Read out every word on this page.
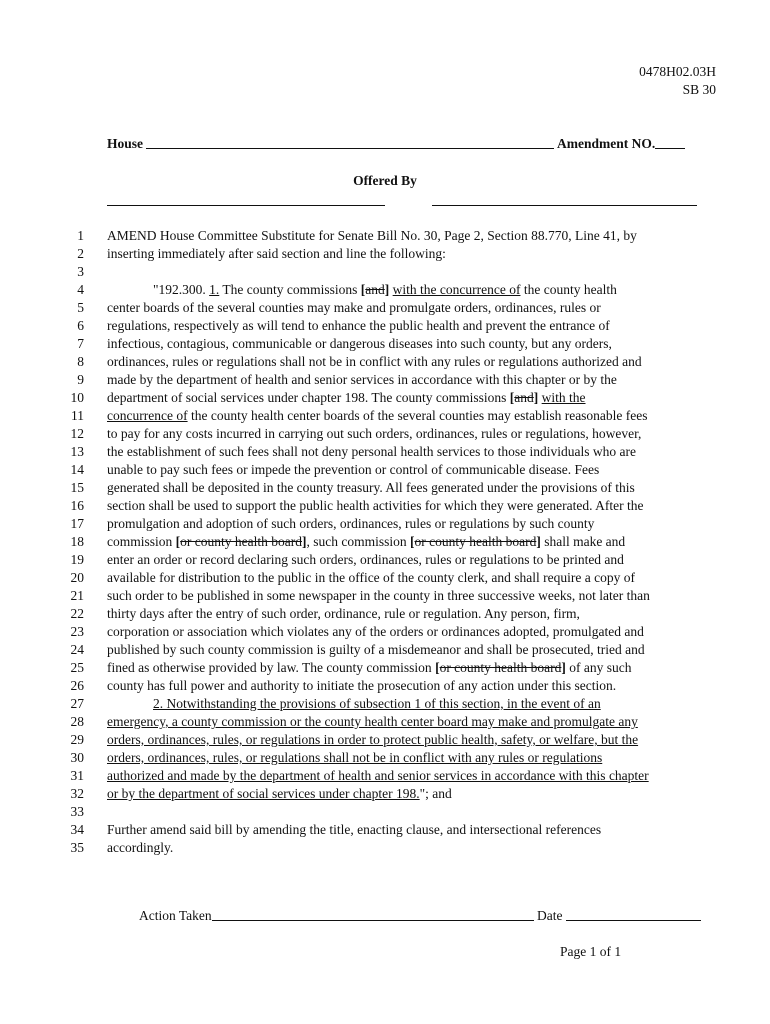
0478H02.03H
SB 30
House	Amendment NO.
Offered By
1 AMEND House Committee Substitute for Senate Bill No. 30, Page 2, Section 88.770, Line 41, by
2 inserting immediately after said section and line the following:
3
4	"192.300. 1. The county commissions [and] with the concurrence of the county health
5 center boards of the several counties may make and promulgate orders, ordinances, rules or
6 regulations, respectively as will tend to enhance the public health and prevent the entrance of
7 infectious, contagious, communicable or dangerous diseases into such county, but any orders,
8 ordinances, rules or regulations shall not be in conflict with any rules or regulations authorized and
9 made by the department of health and senior services in accordance with this chapter or by the
10 department of social services under chapter 198. The county commissions [and] with the
11 concurrence of the county health center boards of the several counties may establish reasonable fees
12 to pay for any costs incurred in carrying out such orders, ordinances, rules or regulations, however,
13 the establishment of such fees shall not deny personal health services to those individuals who are
14 unable to pay such fees or impede the prevention or control of communicable disease. Fees
15 generated shall be deposited in the county treasury. All fees generated under the provisions of this
16 section shall be used to support the public health activities for which they were generated. After the
17 promulgation and adoption of such orders, ordinances, rules or regulations by such county
18 commission [or county health board], such commission [or county health board] shall make and
19 enter an order or record declaring such orders, ordinances, rules or regulations to be printed and
20 available for distribution to the public in the office of the county clerk, and shall require a copy of
21 such order to be published in some newspaper in the county in three successive weeks, not later than
22 thirty days after the entry of such order, ordinance, rule or regulation. Any person, firm,
23 corporation or association which violates any of the orders or ordinances adopted, promulgated and
24 published by such county commission is guilty of a misdemeanor and shall be prosecuted, tried and
25 fined as otherwise provided by law. The county commission [or county health board] of any such
26 county has full power and authority to initiate the prosecution of any action under this section.
27	2. Notwithstanding the provisions of subsection 1 of this section, in the event of an
28 emergency, a county commission or the county health center board may make and promulgate any
29 orders, ordinances, rules, or regulations in order to protect public health, safety, or welfare, but the
30 orders, ordinances, rules, or regulations shall not be in conflict with any rules or regulations
31 authorized and made by the department of health and senior services in accordance with this chapter
32 or by the department of social services under chapter 198."; and
33
34 Further amend said bill by amending the title, enacting clause, and intersectional references
35 accordingly.
Action Taken	Date
Page 1 of 1
